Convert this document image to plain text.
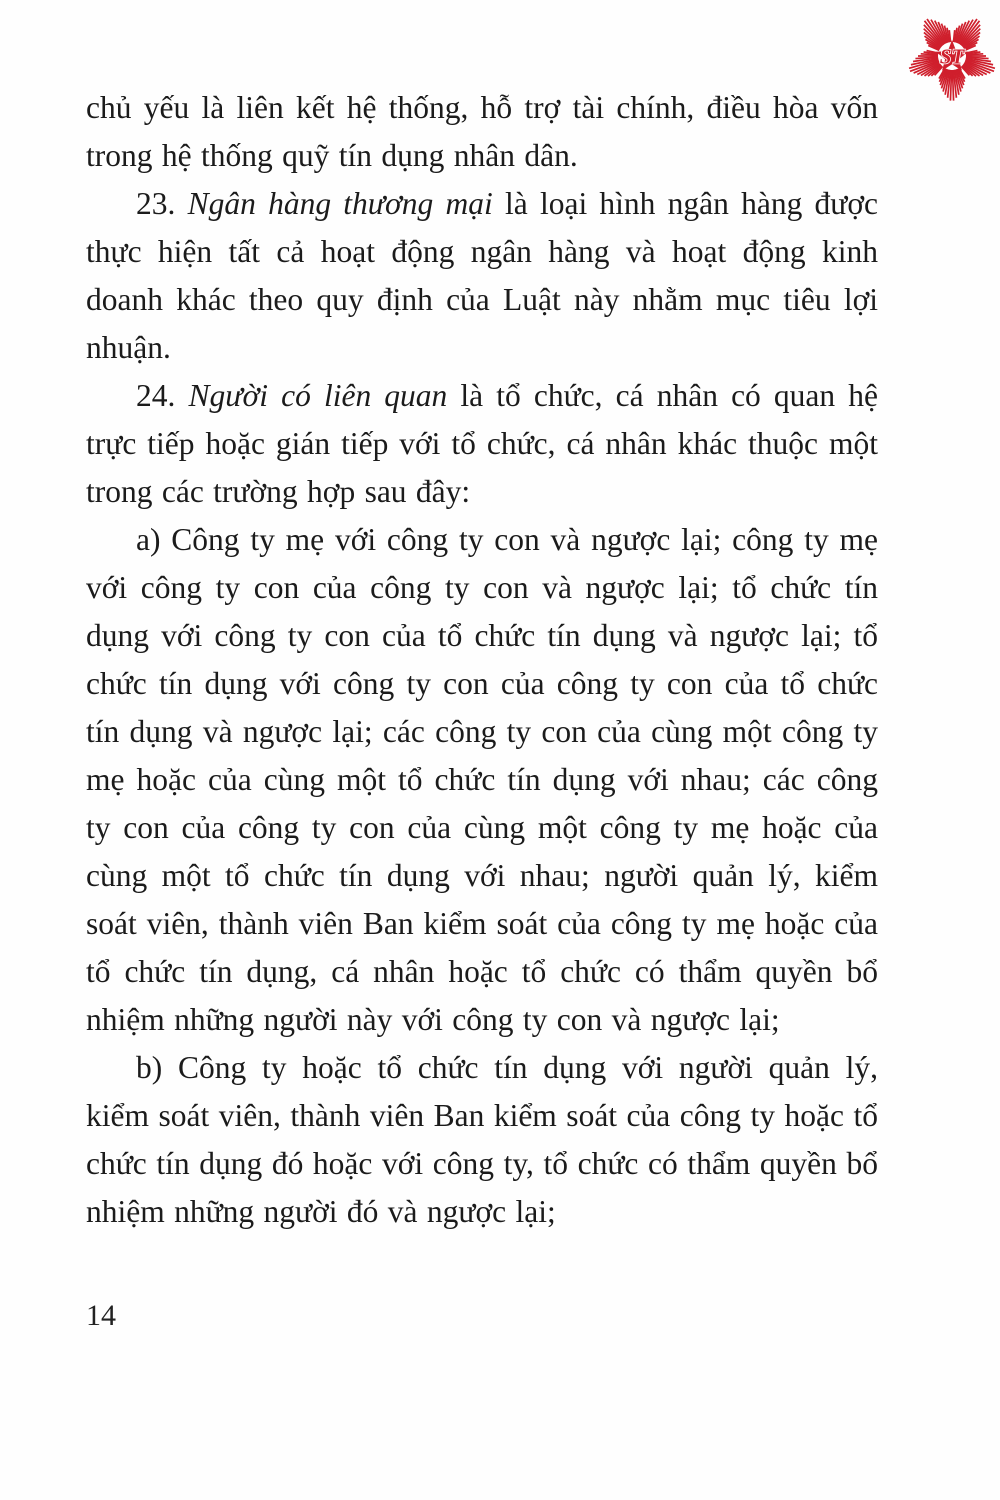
ST

chủ yếu là liên kết hệ thống, hỗ trợ tài chính, điều hòa vốn trong hệ thống quỹ tín dụng nhân dân.

23. Ngân hàng thương mại là loại hình ngân hàng được thực hiện tất cả hoạt động ngân hàng và hoạt động kinh doanh khác theo quy định của Luật này nhằm mục tiêu lợi nhuận.

24. Người có liên quan là tổ chức, cá nhân có quan hệ trực tiếp hoặc gián tiếp với tổ chức, cá nhân khác thuộc một trong các trường hợp sau đây:

a) Công ty mẹ với công ty con và ngược lại; công ty mẹ với công ty con của công ty con và ngược lại; tổ chức tín dụng với công ty con của tổ chức tín dụng và ngược lại; tổ chức tín dụng với công ty con của công ty con của tổ chức tín dụng và ngược lại; các công ty con của cùng một công ty mẹ hoặc của cùng một tổ chức tín dụng với nhau; các công ty con của công ty con của cùng một công ty mẹ hoặc của cùng một tổ chức tín dụng với nhau; người quản lý, kiểm soát viên, thành viên Ban kiểm soát của công ty mẹ hoặc của tổ chức tín dụng, cá nhân hoặc tổ chức có thẩm quyền bổ nhiệm những người này với công ty con và ngược lại;

b) Công ty hoặc tổ chức tín dụng với người quản lý, kiểm soát viên, thành viên Ban kiểm soát của công ty hoặc tổ chức tín dụng đó hoặc với công ty, tổ chức có thẩm quyền bổ nhiệm những người đó và ngược lại;

14
